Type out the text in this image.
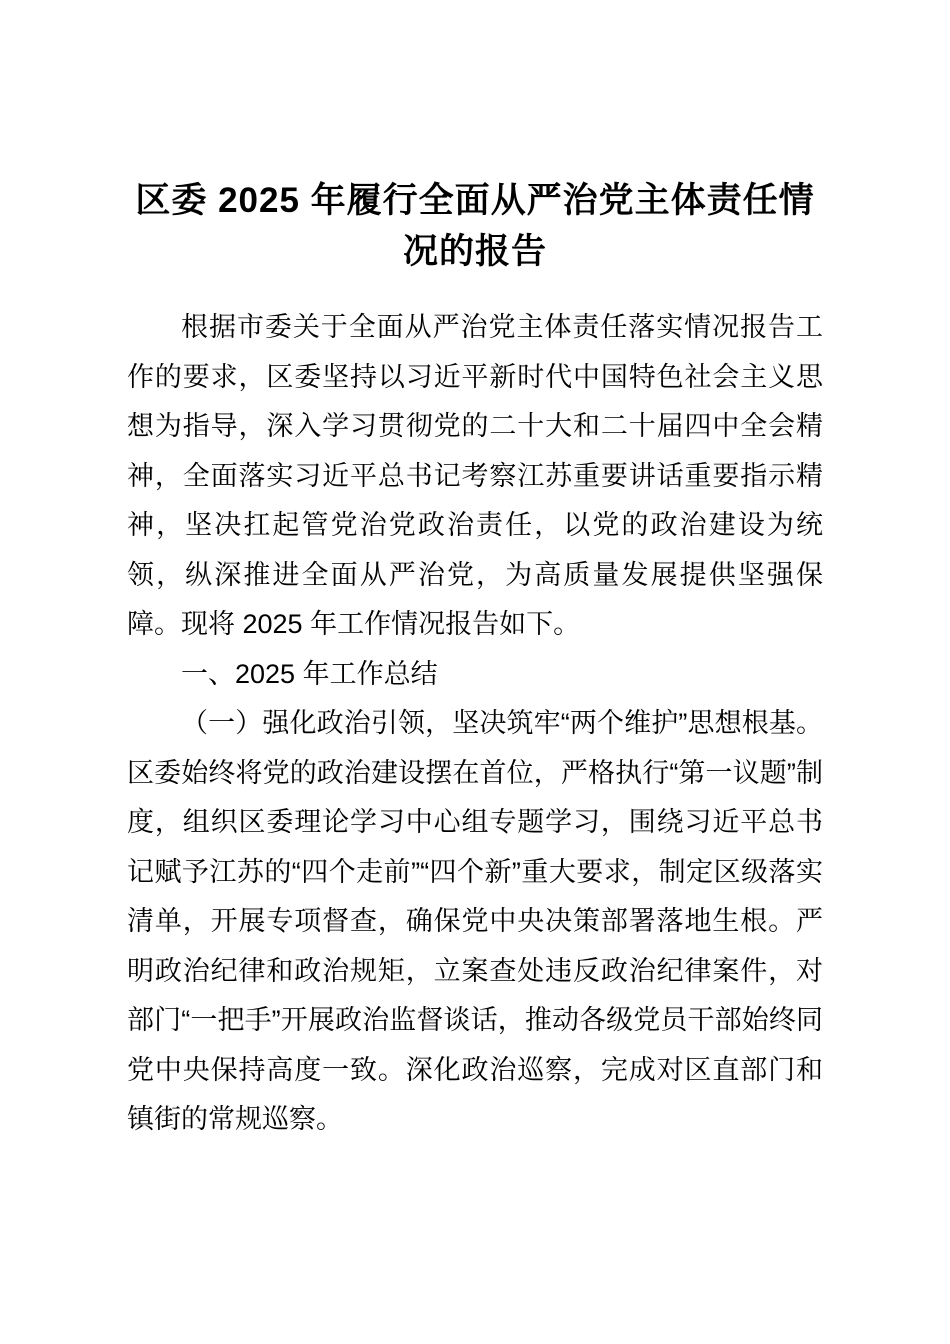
区委 2025 年履行全面从严治党主体责任情况的报告

根据市委关于全面从严治党主体责任落实情况报告工作的要求，区委坚持以习近平新时代中国特色社会主义思想为指导，深入学习贯彻党的二十大和二十届四中全会精神，全面落实习近平总书记考察江苏重要讲话重要指示精神，坚决扛起管党治党政治责任，以党的政治建设为统领，纵深推进全面从严治党，为高质量发展提供坚强保障。现将 2025 年工作情况报告如下。

一、2025 年工作总结

（一）强化政治引领，坚决筑牢“两个维护”思想根基。区委始终将党的政治建设摆在首位，严格执行“第一议题”制度，组织区委理论学习中心组专题学习，围绕习近平总书记赋予江苏的“四个走前”“四个新”重大要求，制定区级落实清单，开展专项督查，确保党中央决策部署落地生根。严明政治纪律和政治规矩，立案查处违反政治纪律案件，对部门“一把手”开展政治监督谈话，推动各级党员干部始终同党中央保持高度一致。深化政治巡察，完成对区直部门和镇街的常规巡察。
